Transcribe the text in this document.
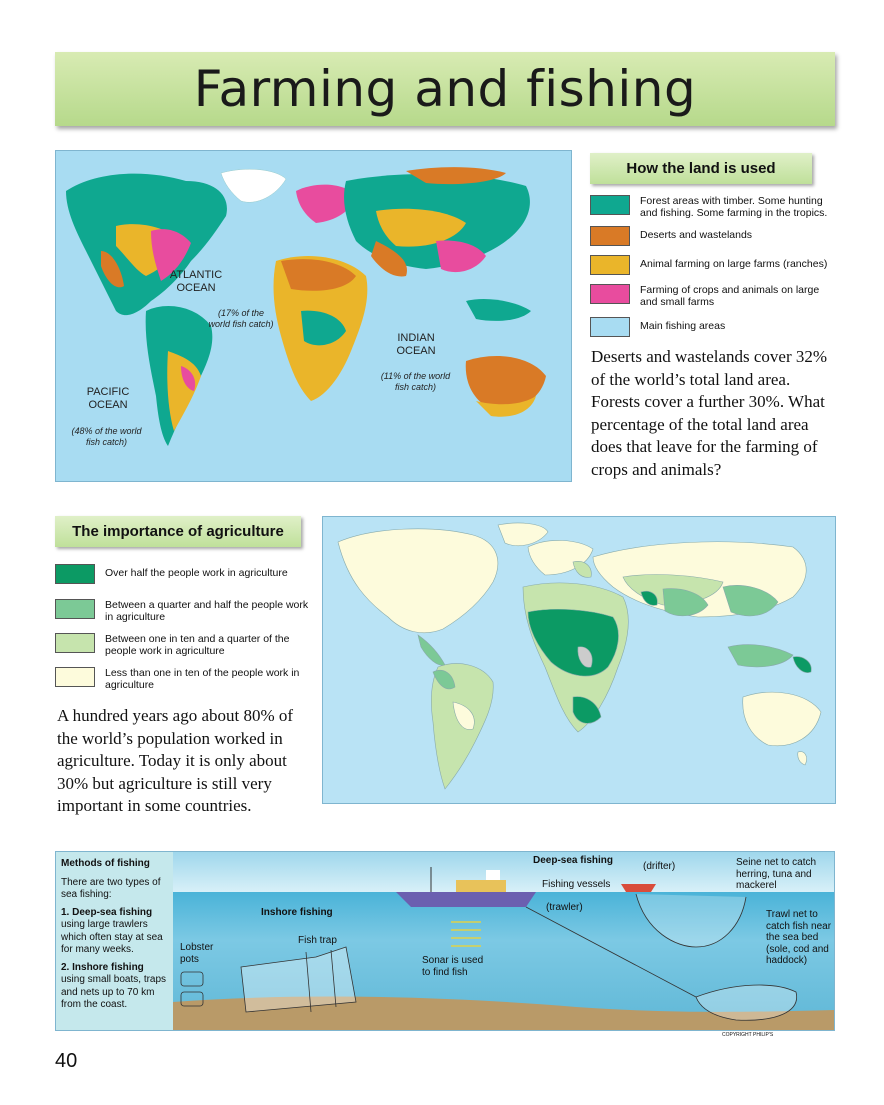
Farming and fishing
ATLANTIC OCEAN
(17% of the world fish catch)
INDIAN OCEAN
(11% of the world fish catch)
PACIFIC OCEAN
(48% of the world fish catch)
How the land is used
Forest areas with timber. Some hunting and fishing. Some farming in the tropics.
Deserts and wastelands
Animal farming on large farms (ranches)
Farming of crops and animals on large and small farms
Main fishing areas
Deserts and wastelands cover 32% of the world’s total land area. Forests cover a further 30%. What percentage of the total land area does that leave for the farming of crops and animals?
The importance of agriculture
Over half the people work in agriculture
Between a quarter and half the people work in agriculture
Between one in ten and a quarter of the people work in agriculture
Less than one in ten of the people work in agriculture
A hundred years ago about 80% of the world’s population worked in agriculture. Today it is only about 30% but agriculture is still very important in some countries.
Methods of fishing
There are two types of sea fishing:
1. Deep-sea fishing
using large trawlers which often stay at sea for many weeks.
2. Inshore fishing
using small boats, traps and nets up to 70 km from the coast.
Deep-sea fishing
(drifter)	Seine net to catch herring, tuna and mackerel
Fishing vessels
(trawler)
Inshore fishing	Trawl net to catch fish near the sea bed (sole, cod and haddock)
Fish trap
Lobster pots	Sonar is used to find fish
COPYRIGHT PHILIP'S
40
